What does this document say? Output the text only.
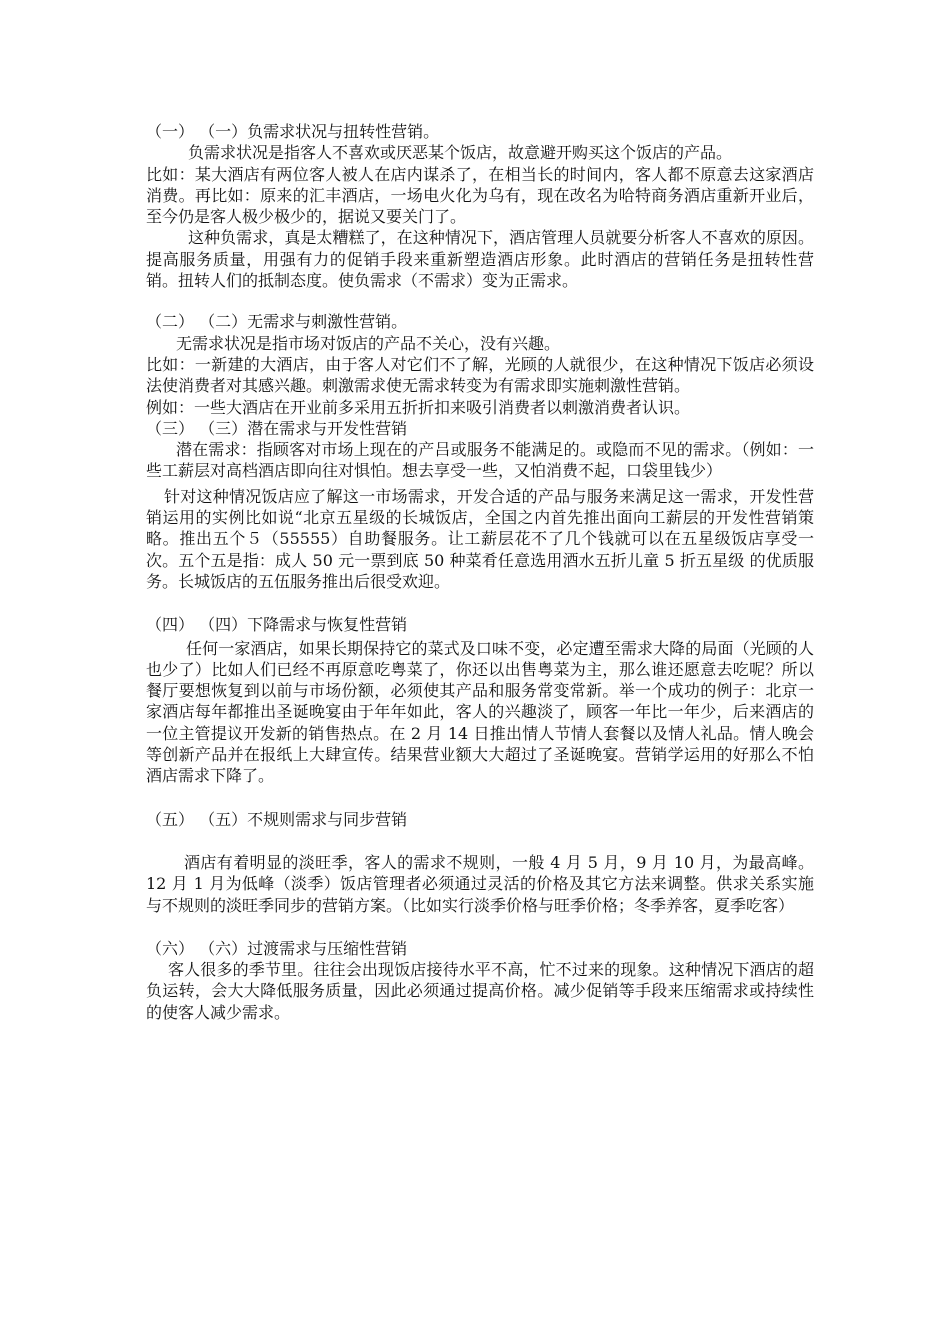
（一） （一）负需求状况与扭转性营销。

负需求状况是指客人不喜欢或厌恶某个饭店，故意避开购买这个饭店的产品。

比如：某大酒店有两位客人被人在店内谋杀了，在相当长的时间内，客人都不原意去这家酒店消费。再比如：原来的汇丰酒店，一场电火化为乌有，现在改名为哈特商务酒店重新开业后，至今仍是客人极少极少的，据说又要关门了。

这种负需求，真是太糟糕了，在这种情况下，酒店管理人员就要分析客人不喜欢的原因。提高服务质量，用强有力的促销手段来重新塑造酒店形象。此时酒店的营销任务是扭转性营销。扭转人们的抵制态度。使负需求（不需求）变为正需求。

（二） （二）无需求与刺激性营销。

无需求状况是指市场对饭店的产品不关心，没有兴趣。

比如：一新建的大酒店，由于客人对它们不了解，光顾的人就很少，在这种情况下饭店必须设法使消费者对其感兴趣。刺激需求使无需求转变为有需求即实施刺激性营销。

例如：一些大酒店在开业前多采用五折折扣来吸引消费者以刺激消费者认识。

（三） （三）潜在需求与开发性营销

潜在需求：指顾客对市场上现在的产吕或服务不能满足的。或隐而不见的需求。（例如：一些工薪层对高档酒店即向往对惧怕。想去享受一些，又怕消费不起，口袋里钱少）

针对这种情况饭店应了解这一市场需求，开发合适的产品与服务来满足这一需求，开发性营销运用的实例比如说“北京五星级的长城饭店，全国之内首先推出面向工薪层的开发性营销策略。推出五个５（55555）自助餐服务。让工薪层花不了几个钱就可以在五星级饭店享受一次。五个五是指：成人 50 元一票到底 50 种菜肴任意选用酒水五折儿童 5 折五星级 的优质服务。长城饭店的五伍服务推出后很受欢迎。

（四） （四）下降需求与恢复性营销

任何一家酒店，如果长期保持它的菜式及口味不变，必定遭至需求大降的局面（光顾的人也少了）比如人们已经不再原意吃粤菜了，你还以出售粤菜为主，那么谁还愿意去吃呢？所以餐厅要想恢复到以前与市场份额，必须使其产品和服务常变常新。举一个成功的例子：北京一家酒店每年都推出圣诞晚宴由于年年如此，客人的兴趣淡了，顾客一年比一年少，后来酒店的一位主管提议开发新的销售热点。在 2 月 14 日推出情人节情人套餐以及情人礼品。情人晚会等创新产品并在报纸上大肆宣传。结果营业额大大超过了圣诞晚宴。营销学运用的好那么不怕酒店需求下降了。

（五） （五）不规则需求与同步营销

酒店有着明显的淡旺季，客人的需求不规则，一般 4 月 5 月，9 月 10 月，为最高峰。12 月 1 月为低峰（淡季）饭店管理者必须通过灵活的价格及其它方法来调整。供求关系实施与不规则的淡旺季同步的营销方案。（比如实行淡季价格与旺季价格；冬季养客，夏季吃客）

（六） （六）过渡需求与压缩性营销

客人很多的季节里。往往会出现饭店接待水平不高，忙不过来的现象。这种情况下酒店的超负运转，会大大降低服务质量，因此必须通过提高价格。减少促销等手段来压缩需求或持续性的使客人减少需求。
